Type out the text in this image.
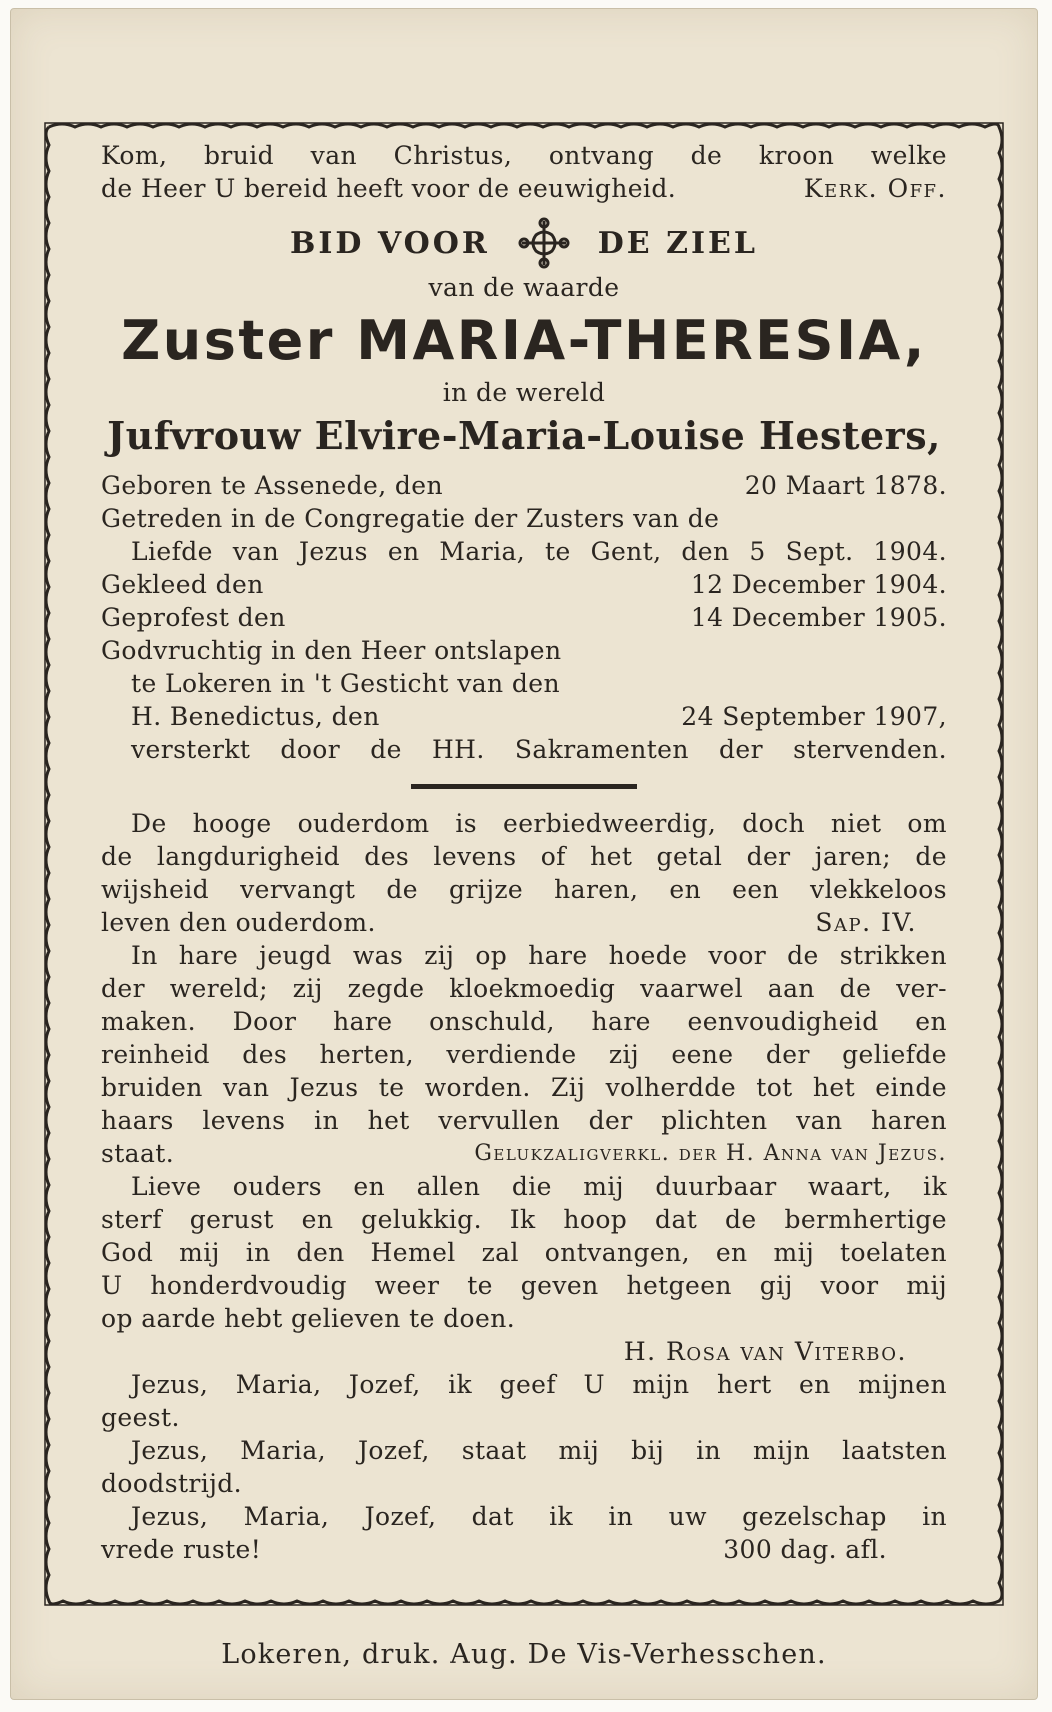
Kom, bruid van Christus, ontvang de kroon welke
de Heer U bereid heeft voor de eeuwigheid.	Kerk. Off.
BID VOOR	DE ZIEL
van de waarde
Zuster MARIA-THERESIA,
in de wereld
Jufvrouw Elvire-Maria-Louise Hesters,
Geboren te Assenede, den	20 Maart 1878.
Getreden in de Congregatie der Zusters van de
Liefde van Jezus en Maria, te Gent, den 5 Sept. 1904.
Gekleed den	12 December 1904.
Geprofest den	14 December 1905.
Godvruchtig in den Heer ontslapen
te Lokeren in 't Gesticht van den
H. Benedictus, den	24 September 1907,
versterkt door de HH. Sakramenten der stervenden.
De hooge ouderdom is eerbiedweerdig, doch niet om
de langdurigheid des levens of het getal der jaren; de
wijsheid vervangt de grijze haren, en een vlekkeloos
leven den ouderdom.	Sap. IV.
In hare jeugd was zij op hare hoede voor de strikken
der wereld; zij zegde kloekmoedig vaarwel aan de ver-
maken. Door hare onschuld, hare eenvoudigheid en
reinheid des herten, verdiende zij eene der geliefde
bruiden van Jezus te worden. Zij volherdde tot het einde
haars levens in het vervullen der plichten van haren
staat.	Gelukzaligverkl. der H. Anna van Jezus.
Lieve ouders en allen die mij duurbaar waart, ik
sterf gerust en gelukkig. Ik hoop dat de bermhertige
God mij in den Hemel zal ontvangen, en mij toelaten
U honderdvoudig weer te geven hetgeen gij voor mij
op aarde hebt gelieven te doen.
H. Rosa van Viterbo.
Jezus, Maria, Jozef, ik geef U mijn hert en mijnen
geest.
Jezus, Maria, Jozef, staat mij bij in mijn laatsten
doodstrijd.
Jezus, Maria, Jozef, dat ik in uw gezelschap in
vrede ruste!	300 dag. afl.
Lokeren, druk. Aug. De Vis-Verhesschen.
